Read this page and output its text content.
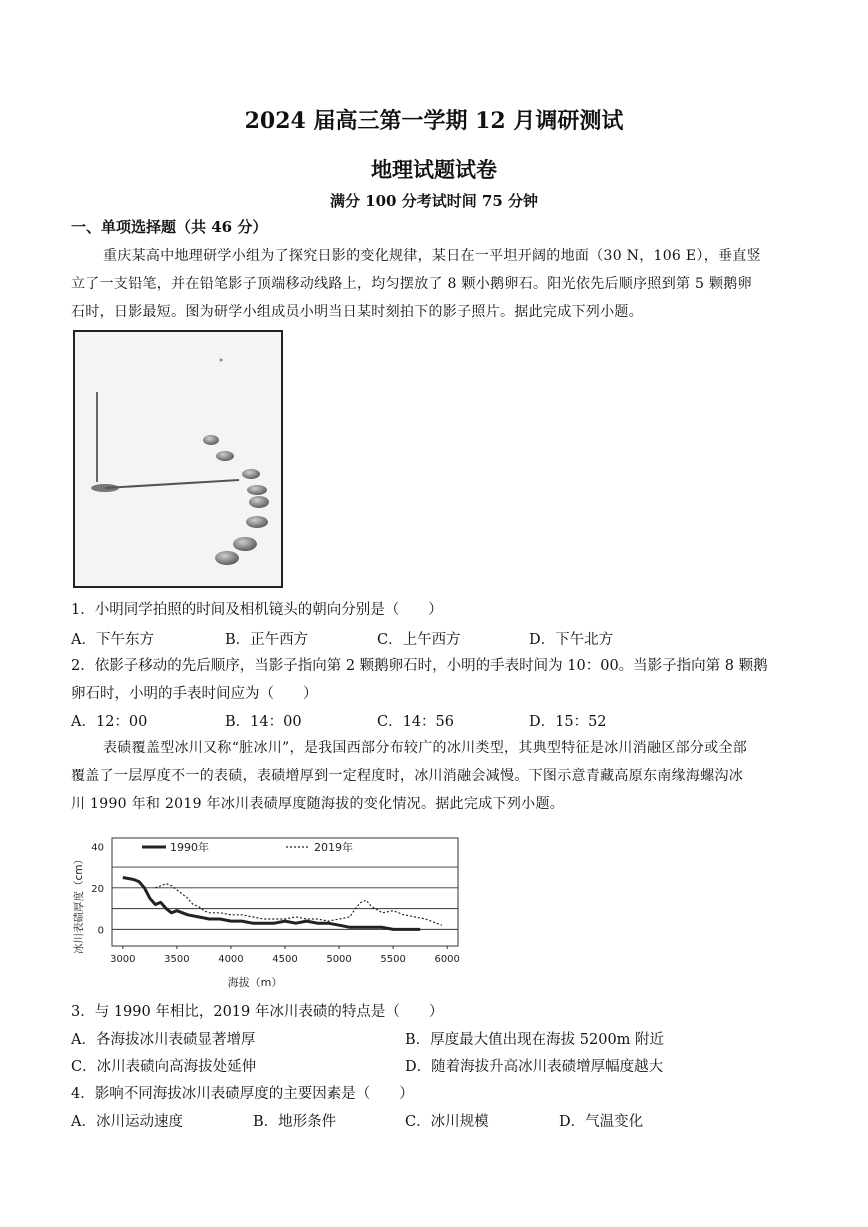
2024 届高三第一学期 12 月调研测试
地理试题试卷
满分 100 分考试时间 75 分钟
一、单项选择题（共 46 分）
重庆某高中地理研学小组为了探究日影的变化规律，某日在一平坦开阔的地面（30 N，106 E），垂直竖
立了一支铅笔，并在铅笔影子顶端移动线路上，均匀摆放了 8 颗小鹅卵石。阳光依先后顺序照到第 5 颗鹅卵
石时，日影最短。图为研学小组成员小明当日某时刻拍下的影子照片。据此完成下列小题。
1．小明同学拍照的时间及相机镜头的朝向分别是（　　）
A．下午东方	B．正午西方	C．上午西方	D．下午北方
2．依影子移动的先后顺序，当影子指向第 2 颗鹅卵石时，小明的手表时间为 10：00。当影子指向第 8 颗鹅
卵石时，小明的手表时间应为（　　）
A．12：00	B．14：00	C．14：56	D．15：52
表碛覆盖型冰川又称“脏冰川”，是我国西部分布较广的冰川类型，其典型特征是冰川消融区部分或全部
覆盖了一层厚度不一的表碛，表碛增厚到一定程度时，冰川消融会减慢。下图示意青藏高原东南缘海螺沟冰
川 1990 年和 2019 年冰川表碛厚度随海拔的变化情况。据此完成下列小题。
0
20
40
3000	3500	4000	4500	5000	5500	6000
海拔（m）
冰川表碛厚度（cm）
1990年	2019年
3．与 1990 年相比，2019 年冰川表碛的特点是（　　）
A．各海拔冰川表碛显著增厚	B．厚度最大值出现在海拔 5200m 附近
C．冰川表碛向高海拔处延伸	D．随着海拔升高冰川表碛增厚幅度越大
4．影响不同海拔冰川表碛厚度的主要因素是（　　）
A．冰川运动速度	B．地形条件	C．冰川规模	D．气温变化
